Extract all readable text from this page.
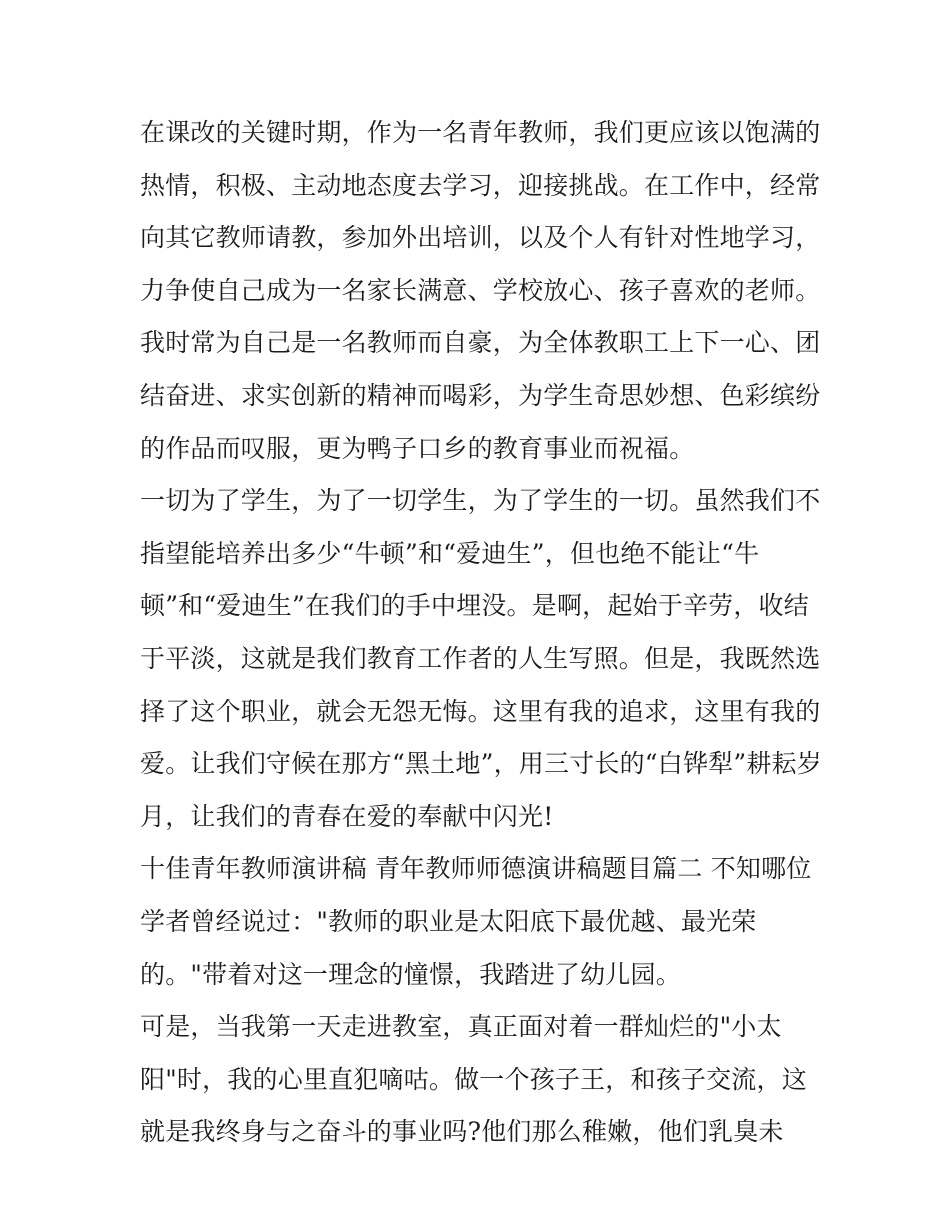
在课改的关键时期，作为一名青年教师，我们更应该以饱满的
热情，积极、主动地态度去学习，迎接挑战。在工作中，经常
向其它教师请教，参加外出培训，以及个人有针对性地学习，
力争使自己成为一名家长满意、学校放心、孩子喜欢的老师。
我时常为自己是一名教师而自豪，为全体教职工上下一心、团
结奋进、求实创新的精神而喝彩，为学生奇思妙想、色彩缤纷
的作品而叹服，更为鸭子口乡的教育事业而祝福。
一切为了学生，为了一切学生，为了学生的一切。虽然我们不
指望能培养出多少“牛顿”和“爱迪生”，但也绝不能让“牛
顿”和“爱迪生”在我们的手中埋没。是啊，起始于辛劳，收结
于平淡，这就是我们教育工作者的人生写照。但是，我既然选
择了这个职业，就会无怨无悔。这里有我的追求，这里有我的
爱。让我们守候在那方“黑土地”，用三寸长的“白铧犁”耕耘岁
月，让我们的青春在爱的奉献中闪光!
十佳青年教师演讲稿 青年教师师德演讲稿题目篇二 不知哪位
学者曾经说过："教师的职业是太阳底下最优越、最光荣
的。"带着对这一理念的憧憬，我踏进了幼儿园。
可是，当我第一天走进教室，真正面对着一群灿烂的"小太
阳"时，我的心里直犯嘀咕。做一个孩子王，和孩子交流，这
就是我终身与之奋斗的事业吗?他们那么稚嫩，他们乳臭未
